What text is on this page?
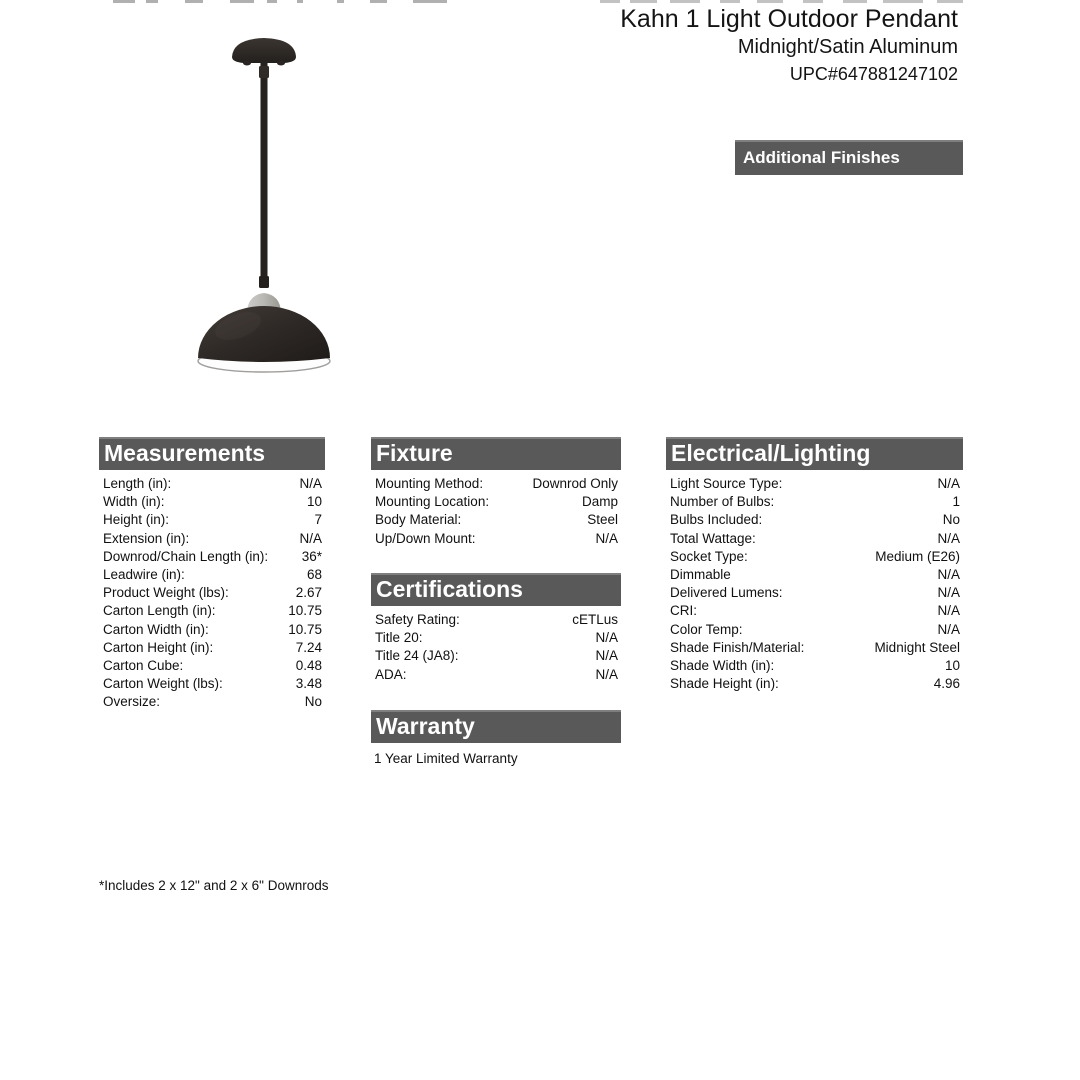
Kahn 1 Light Outdoor Pendant
Midnight/Satin Aluminum
UPC#647881247102
Additional Finishes
Measurements
Length (in):	N/A
Width (in):	10
Height (in):	7
Extension (in):	N/A
Downrod/Chain Length (in): 36*
Leadwire (in):	68
Product Weight (lbs):	2.67
Carton Length (in):	10.75
Carton Width (in):	10.75
Carton Height (in):	7.24
Carton Cube:	0.48
Carton Weight (lbs):	3.48
Oversize:	No
Fixture
Mounting Method:	Downrod Only
Mounting Location:	Damp
Body Material:	Steel
Up/Down Mount:	N/A
Certifications
Safety Rating:	cETLus
Title 20:	N/A
Title 24 (JA8):	N/A
ADA:	N/A
Warranty
1 Year Limited Warranty
Electrical/Lighting
Light Source Type:	N/A
Number of Bulbs:	1
Bulbs Included:	No
Total Wattage:	N/A
Socket Type:	Medium (E26)
Dimmable	N/A
Delivered Lumens:	N/A
CRI:	N/A
Color Temp:	N/A
Shade Finish/Material:	Midnight Steel
Shade Width (in):	10
Shade Height (in):	4.96
*Includes 2 x 12" and 2 x 6" Downrods
